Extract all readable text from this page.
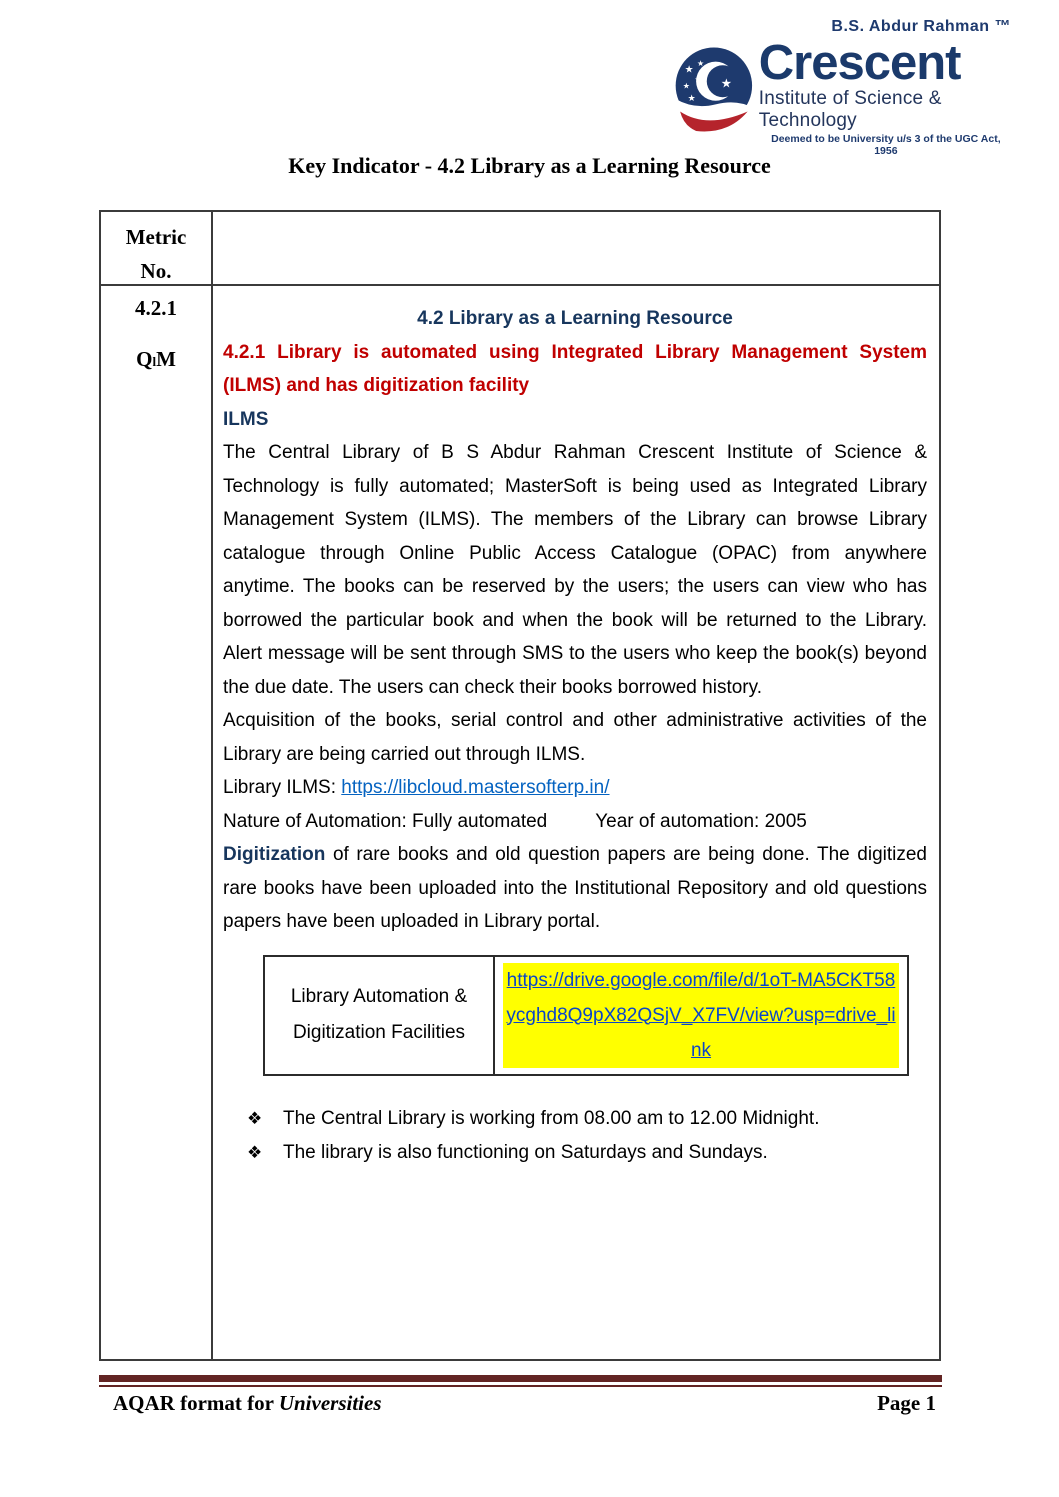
B.S. Abdur Rahman ™
★
★
★
★ ★
★
Crescent
Institute of Science & Technology
Deemed to be University u/s 3 of the UGC Act, 1956
Key Indicator - 4.2 Library as a Learning Resource
Metric
No.
4.2.1
QlM
4.2 Library as a Learning Resource
4.2.1 Library is automated using Integrated Library Management System (ILMS) and has digitization facility
ILMS
The Central Library of B S Abdur Rahman Crescent Institute of Science & Technology is fully automated; MasterSoft is being used as Integrated Library Management System (ILMS). The members of the Library can browse Library catalogue through Online Public Access Catalogue (OPAC) from anywhere anytime. The books can be reserved by the users; the users can view who has borrowed the particular book and when the book will be returned to the Library. Alert message will be sent through SMS to the users who keep the book(s) beyond the due date. The users can check their books borrowed history.
Acquisition of the books, serial control and other administrative activities of the Library are being carried out through ILMS.
Library ILMS: https://libcloud.mastersofterp.in/
Nature of Automation: Fully automated	Year of automation: 2005
Digitization of rare books and old question papers are being done. The digitized rare books have been uploaded into the Institutional Repository and old questions papers have been uploaded in Library portal.
Library Automation & Digitization Facilities
https://drive.google.com/file/d/1oT-MA5CKT58ycghd8Q9pX82QSjV_X7FV/view?usp=drive_link
❖	The Central Library is working from 08.00 am to 12.00 Midnight.
❖	The library is also functioning on Saturdays and Sundays.
AQAR format for Universities	Page 1
